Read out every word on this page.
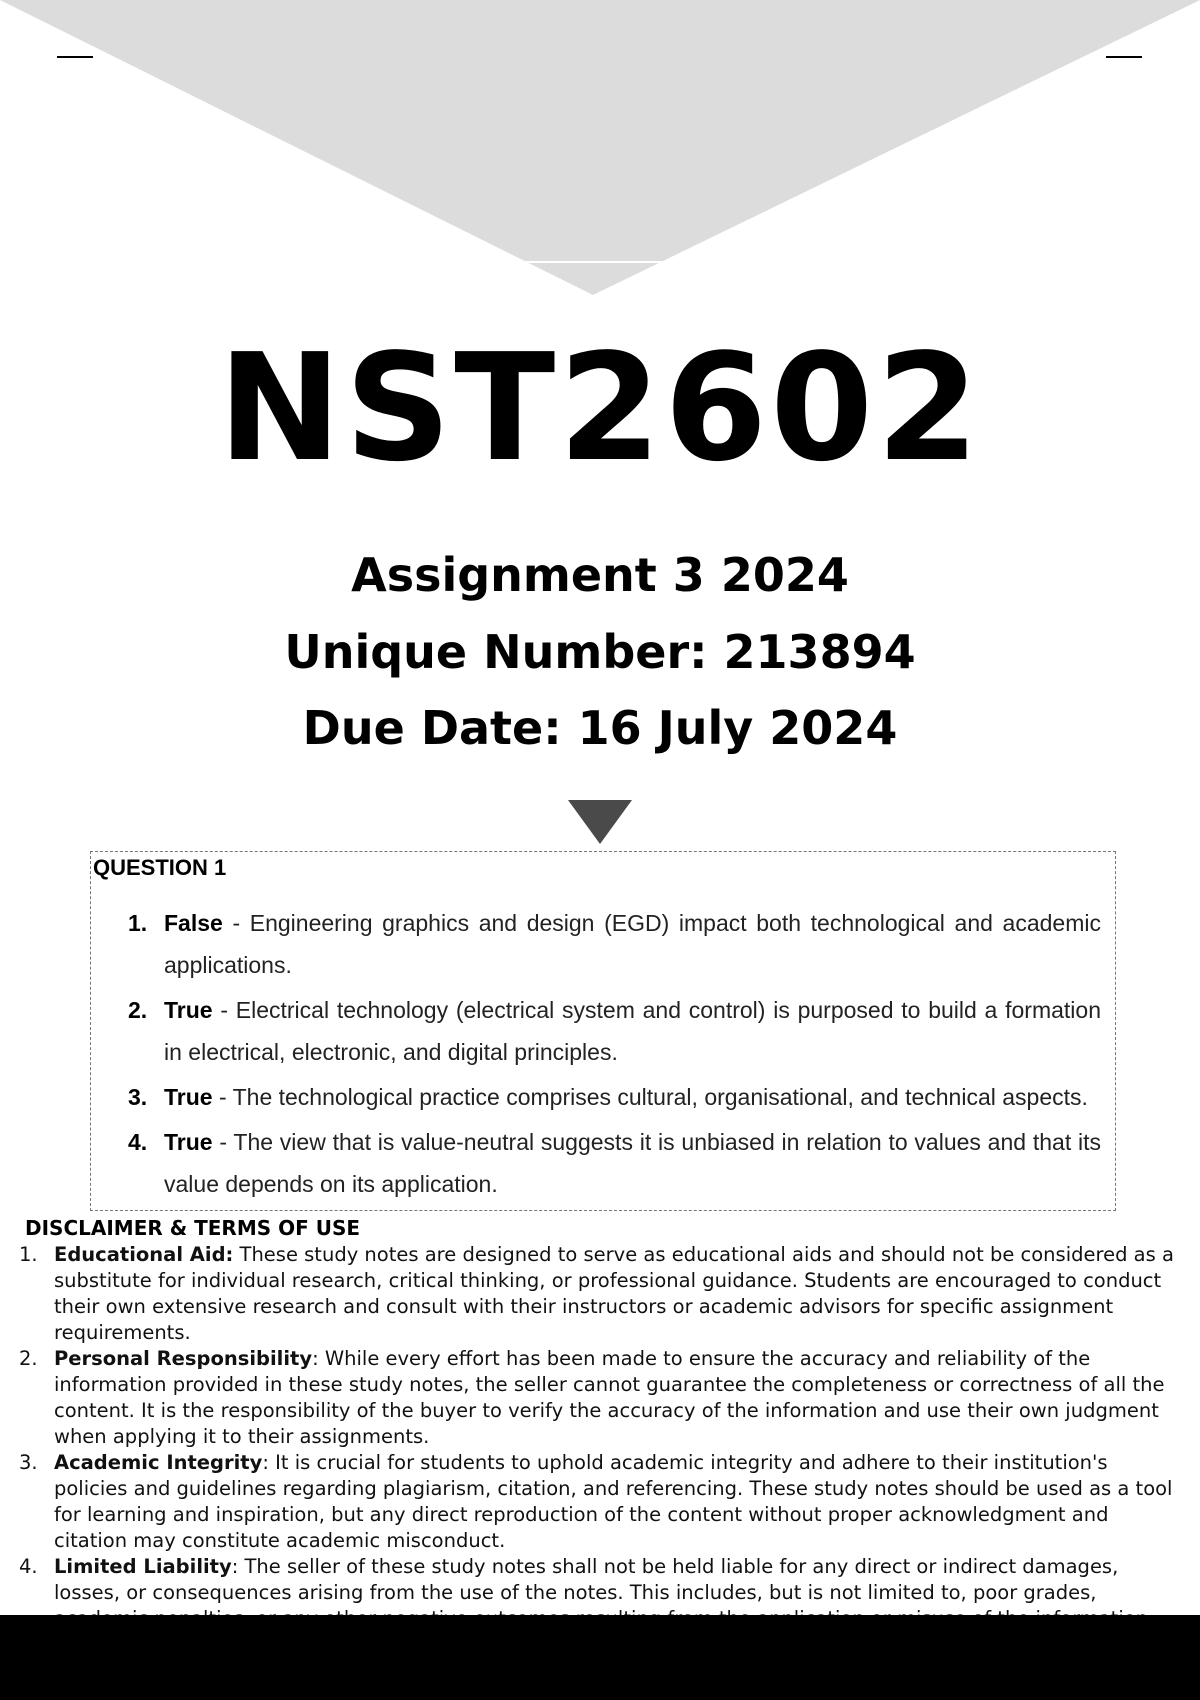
NST2602
Assignment 3 2024
Unique Number: 213894
Due Date: 16 July 2024
QUESTION 1
1. False - Engineering graphics and design (EGD) impact both technological and academic applications.
2. True - Electrical technology (electrical system and control) is purposed to build a formation in electrical, electronic, and digital principles.
3. True - The technological practice comprises cultural, organisational, and technical aspects.
4. True - The view that is value-neutral suggests it is unbiased in relation to values and that its value depends on its application.
DISCLAIMER & TERMS OF USE
1. Educational Aid: These study notes are designed to serve as educational aids and should not be considered as a substitute for individual research, critical thinking, or professional guidance. Students are encouraged to conduct their own extensive research and consult with their instructors or academic advisors for specific assignment requirements.
2. Personal Responsibility: While every effort has been made to ensure the accuracy and reliability of the information provided in these study notes, the seller cannot guarantee the completeness or correctness of all the content. It is the responsibility of the buyer to verify the accuracy of the information and use their own judgment when applying it to their assignments.
3. Academic Integrity: It is crucial for students to uphold academic integrity and adhere to their institution's policies and guidelines regarding plagiarism, citation, and referencing. These study notes should be used as a tool for learning and inspiration, but any direct reproduction of the content without proper acknowledgment and citation may constitute academic misconduct.
4. Limited Liability: The seller of these study notes shall not be held liable for any direct or indirect damages, losses, or consequences arising from the use of the notes. This includes, but is not limited to, poor grades,
